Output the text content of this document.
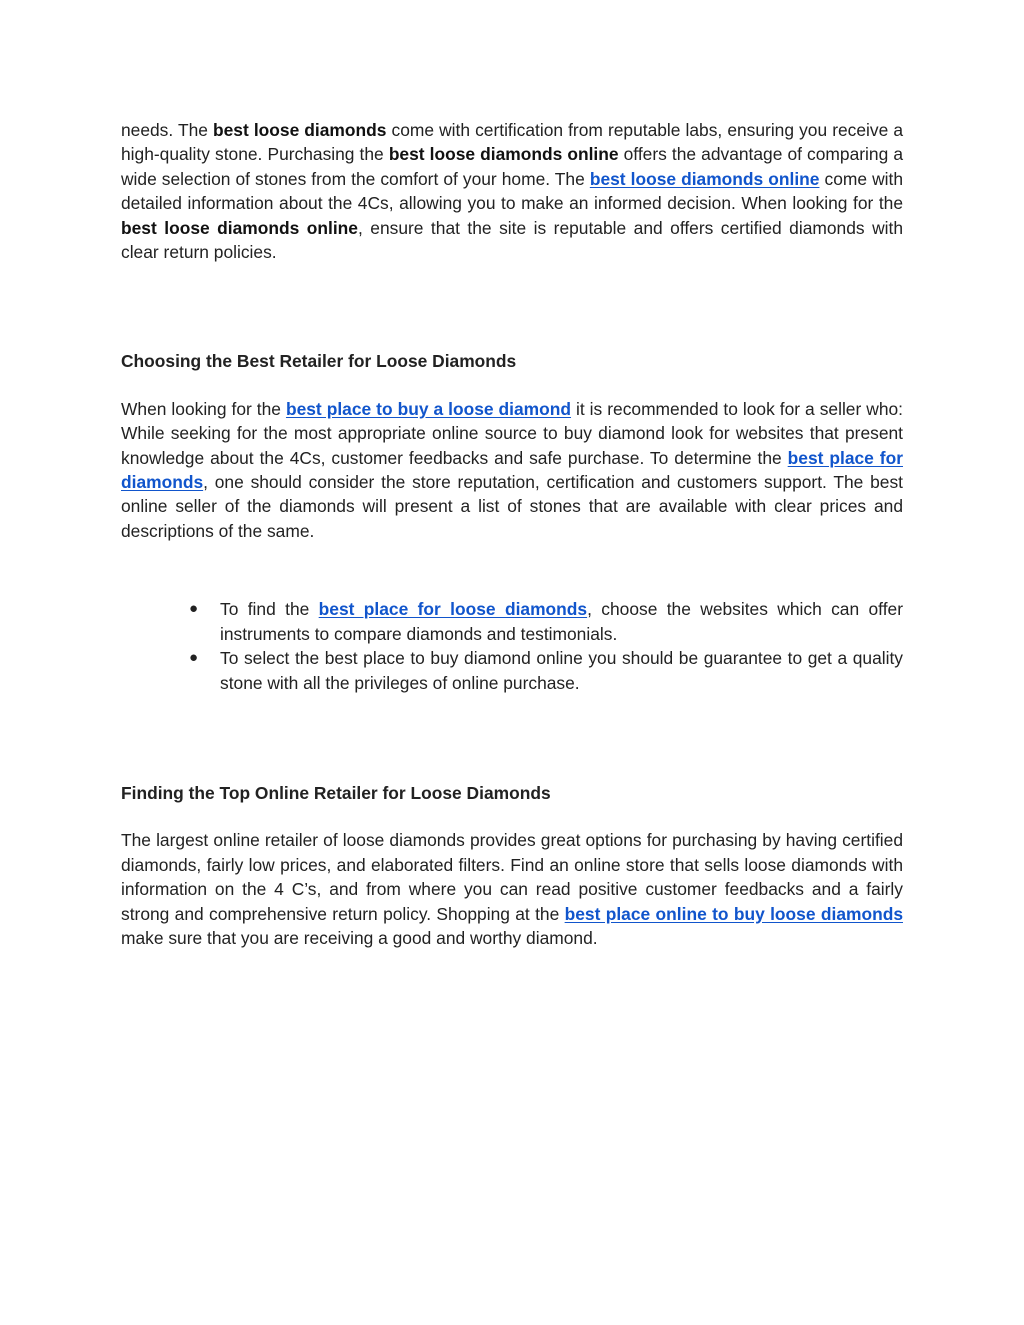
needs. The best loose diamonds come with certification from reputable labs, ensuring you receive a high-quality stone. Purchasing the best loose diamonds online offers the advantage of comparing a wide selection of stones from the comfort of your home. The best loose diamonds online come with detailed information about the 4Cs, allowing you to make an informed decision. When looking for the best loose diamonds online, ensure that the site is reputable and offers certified diamonds with clear return policies.

Choosing the Best Retailer for Loose Diamonds

When looking for the best place to buy a loose diamond it is recommended to look for a seller who: While seeking for the most appropriate online source to buy diamond look for websites that present knowledge about the 4Cs, customer feedbacks and safe purchase. To determine the best place for diamonds, one should consider the store reputation, certification and customers support. The best online seller of the diamonds will present a list of stones that are available with clear prices and descriptions of the same.

● To find the best place for loose diamonds, choose the websites which can offer instruments to compare diamonds and testimonials.
● To select the best place to buy diamond online you should be guarantee to get a quality stone with all the privileges of online purchase.
Finding the Top Online Retailer for Loose Diamonds

The largest online retailer of loose diamonds provides great options for purchasing by having certified diamonds, fairly low prices, and elaborated filters. Find an online store that sells loose diamonds with information on the 4 C’s, and from where you can read positive customer feedbacks and a fairly strong and comprehensive return policy. Shopping at the best place online to buy loose diamonds make sure that you are receiving a good and worthy diamond.
